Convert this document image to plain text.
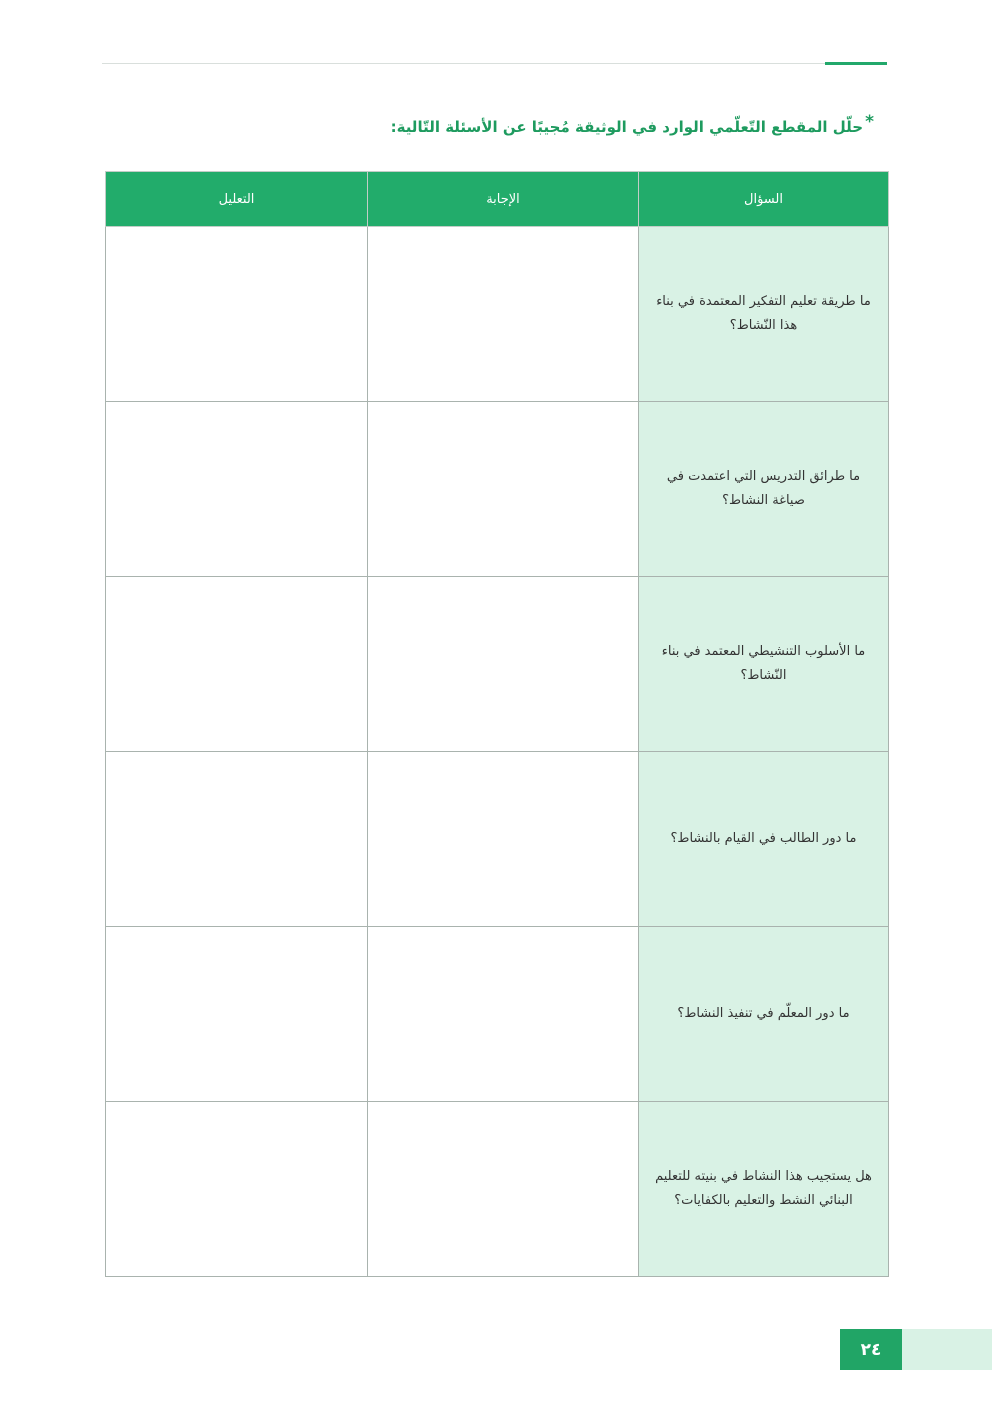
*حلّل المقطع التّعلّمي الوارد في الوثيقة مُجيبًا عن الأسئلة التّالية:
السؤال	الإجابة	التعليل
ما طريقة تعليم التفكير المعتمدة في بناء هذا النّشاط؟		
ما طرائق التدريس التي اعتمدت في صياغة النشاط؟		
ما الأسلوب التنشيطي المعتمد في بناء النّشاط؟		
ما دور الطالب في القيام بالنشاط؟		
ما دور المعلّم في تنفيذ النشاط؟		
هل يستجيب هذا النشاط في بنيته للتعليم البنائي النشط والتعليم بالكفايات؟		
٢٤
